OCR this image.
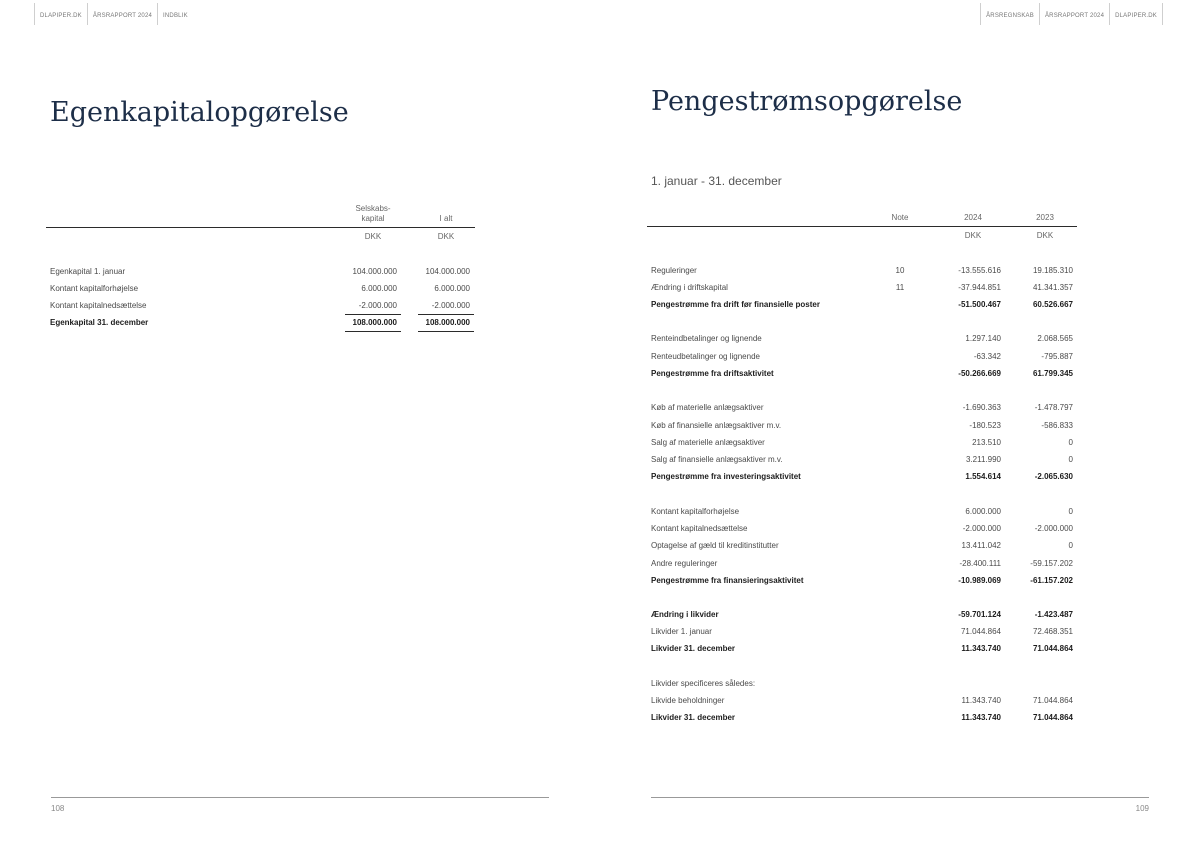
DLAPIPER.DK	ÅRSRAPPORT 2024	INDBLIK
Egenkapitalopgørelse
Selskabs-
kapital	I alt
DKK	DKK
Egenkapital 1. januar	104.000.000	104.000.000
Kontant kapitalforhøjelse	6.000.000	6.000.000
Kontant kapitalnedsættelse	-2.000.000	-2.000.000
Egenkapital 31. december	108.000.000	108.000.000
108
ÅRSREGNSKAB	ÅRSRAPPORT 2024	DLAPIPER.DK
Pengestrømsopgørelse
1. januar - 31. december
Note	2024	2023
DKK	DKK
Reguleringer	10	-13.555.616	19.185.310
Ændring i driftskapital	11	-37.944.851	41.341.357
Pengestrømme fra drift før finansielle poster	-51.500.467	60.526.667
Renteindbetalinger og lignende	1.297.140	2.068.565
Renteudbetalinger og lignende	-63.342	-795.887
Pengestrømme fra driftsaktivitet	-50.266.669	61.799.345
Køb af materielle anlægsaktiver	-1.690.363	-1.478.797
Køb af finansielle anlægsaktiver m.v.	-180.523	-586.833
Salg af materielle anlægsaktiver	213.510	0
Salg af finansielle anlægsaktiver m.v.	3.211.990	0
Pengestrømme fra investeringsaktivitet	1.554.614	-2.065.630
Kontant kapitalforhøjelse	6.000.000	0
Kontant kapitalnedsættelse	-2.000.000	-2.000.000
Optagelse af gæld til kreditinstitutter	13.411.042	0
Andre reguleringer	-28.400.111	-59.157.202
Pengestrømme fra finansieringsaktivitet	-10.989.069	-61.157.202
Ændring i likvider	-59.701.124	-1.423.487
Likvider 1. januar	71.044.864	72.468.351
Likvider 31. december	11.343.740	71.044.864
Likvider specificeres således:
Likvide beholdninger	11.343.740	71.044.864
Likvider 31. december	11.343.740	71.044.864
109
